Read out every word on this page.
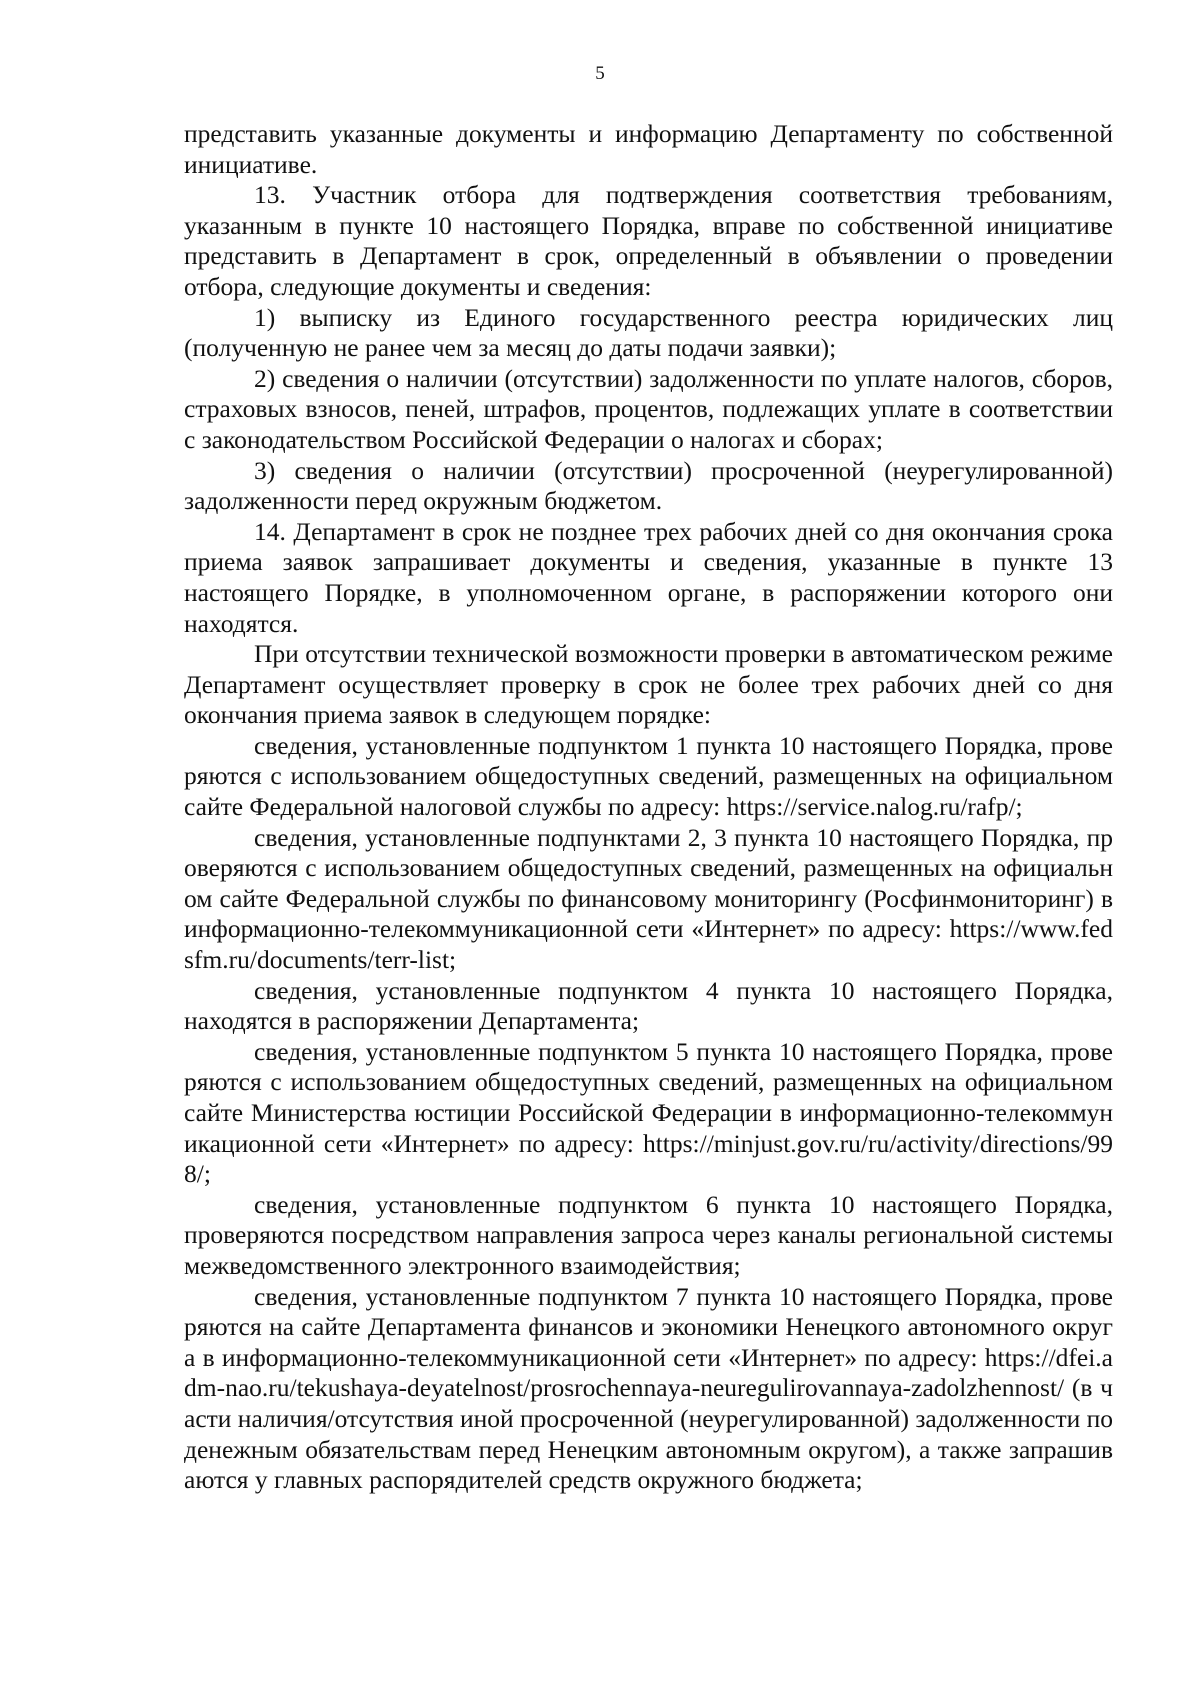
5

представить указанные документы и информацию Департаменту по собственной инициативе.

13. Участник отбора для подтверждения соответствия требованиям, указанным в пункте 10 настоящего Порядка, вправе по собственной инициативе представить в Департамент в срок, определенный в объявлении о проведении отбора, следующие документы и сведения:

1) выписку из Единого государственного реестра юридических лиц (полученную не ранее чем за месяц до даты подачи заявки);

2) сведения о наличии (отсутствии) задолженности по уплате налогов, сборов, страховых взносов, пеней, штрафов, процентов, подлежащих уплате в соответствии с законодательством Российской Федерации о налогах и сборах;

3) сведения о наличии (отсутствии) просроченной (неурегулированной) задолженности перед окружным бюджетом.

14. Департамент в срок не позднее трех рабочих дней со дня окончания срока приема заявок запрашивает документы и сведения, указанные в пункте 13 настоящего Порядке, в уполномоченном органе, в распоряжении которого они находятся.

При отсутствии технической возможности проверки в автоматическом режиме Департамент осуществляет проверку в срок не более трех рабочих дней со дня окончания приема заявок в следующем порядке:

сведения, установленные подпунктом 1 пункта 10 настоящего Порядка, проверяются с использованием общедоступных сведений, размещенных на официальном сайте Федеральной налоговой службы по адресу: https://service.nalog.ru/rafp/;

сведения, установленные подпунктами 2, 3 пункта 10 настоящего Порядка, проверяются с использованием общедоступных сведений, размещенных на официальном сайте Федеральной службы по финансовому мониторингу (Росфинмониторинг) в информационно-телекоммуникационной сети «Интернет» по адресу: https://www.fedsfm.ru/documents/terr-list;

сведения, установленные подпунктом 4 пункта 10 настоящего Порядка, находятся в распоряжении Департамента;

сведения, установленные подпунктом 5 пункта 10 настоящего Порядка, проверяются с использованием общедоступных сведений, размещенных на официальном сайте Министерства юстиции Российской Федерации в информационно-телекоммуникационной сети «Интернет» по адресу: https://minjust.gov.ru/ru/activity/directions/998/;

сведения, установленные подпунктом 6 пункта 10 настоящего Порядка, проверяются посредством направления запроса через каналы региональной системы межведомственного электронного взаимодействия;

сведения, установленные подпунктом 7 пункта 10 настоящего Порядка, проверяются на сайте Департамента финансов и экономики Ненецкого автономного округа в информационно-телекоммуникационной сети «Интернет» по адресу: https://dfei.adm-nao.ru/tekushaya-deyatelnost/prosrochennaya-neuregulirovannaya-zadolzhennost/ (в части наличия/отсутствия иной просроченной (неурегулированной) задолженности по денежным обязательствам перед Ненецким автономным округом), а также запрашиваются у главных распорядителей средств окружного бюджета;
